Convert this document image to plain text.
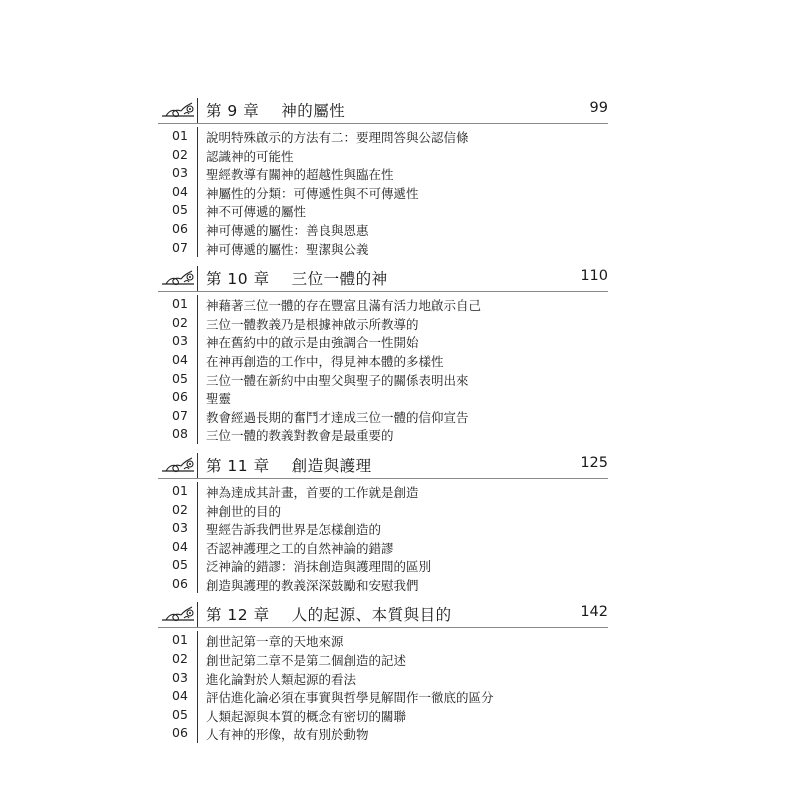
第 9 章 神的屬性	99
01 說明特殊啟示的方法有二：要理問答與公認信條
02 認識神的可能性
03 聖經教導有關神的超越性與臨在性
04 神屬性的分類：可傳遞性與不可傳遞性
05 神不可傳遞的屬性
06 神可傳遞的屬性：善良與恩惠
07 神可傳遞的屬性：聖潔與公義
第 10 章 三位一體的神	110
01 神藉著三位一體的存在豐富且滿有活力地啟示自己
02 三位一體教義乃是根據神啟示所教導的
03 神在舊約中的啟示是由強調合一性開始
04 在神再創造的工作中，得見神本體的多樣性
05 三位一體在新約中由聖父與聖子的關係表明出來
06 聖靈
07 教會經過長期的奮鬥才達成三位一體的信仰宣告
08 三位一體的教義對教會是最重要的
第 11 章 創造與護理	125
01 神為達成其計畫，首要的工作就是創造
02 神創世的目的
03 聖經告訴我們世界是怎樣創造的
04 否認神護理之工的自然神論的錯謬
05 泛神論的錯謬：消抹創造與護理間的區別
06 創造與護理的教義深深鼓勵和安慰我們
第 12 章 人的起源、本質與目的	142
01 創世記第一章的天地來源
02 創世記第二章不是第二個創造的記述
03 進化論對於人類起源的看法
04 評估進化論必須在事實與哲學見解間作一徹底的區分
05 人類起源與本質的概念有密切的關聯
06 人有神的形像，故有別於動物
